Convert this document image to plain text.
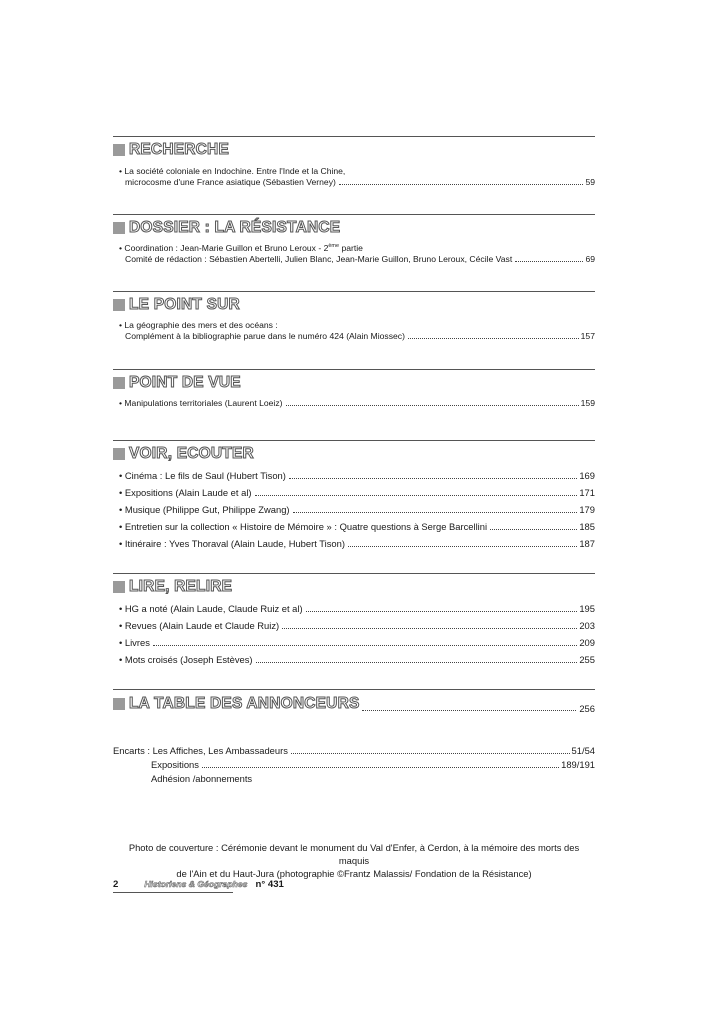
RECHERCHE
• La société coloniale en Indochine. Entre l'Inde et la Chine,
microcosme d'une France asiatique (Sébastien Verney)	59
DOSSIER : LA RÉSISTANCE
• Coordination : Jean-Marie Guillon et Bruno Leroux - 2ème partie
Comité de rédaction : Sébastien Abertelli, Julien Blanc, Jean-Marie Guillon, Bruno Leroux, Cécile Vast	69
LE POINT SUR
• La géographie des mers et des océans :
Complément à la bibliographie parue dans le numéro 424 (Alain Miossec)	157
POINT DE VUE
• Manipulations territoriales (Laurent Loeiz)	159
VOIR, ECOUTER
• Cinéma : Le fils de Saul (Hubert Tison)	169
• Expositions (Alain Laude et al)	171
• Musique (Philippe Gut, Philippe Zwang)	179
• Entretien sur la collection « Histoire de Mémoire » : Quatre questions à Serge Barcellini	185
• Itinéraire : Yves Thoraval (Alain Laude, Hubert Tison)	187
LIRE, RELIRE
• HG a noté (Alain Laude, Claude Ruiz et al)	195
• Revues (Alain Laude et Claude Ruiz)	203
• Livres	209
• Mots croisés (Joseph Estèves)	255
LA TABLE DES ANNONCEURS	256
Encarts : Les Affiches, Les Ambassadeurs	51/54
Expositions	189/191
Adhésion /abonnements
Photo de couverture : Cérémonie devant le monument du Val d'Enfer, à Cerdon, à la mémoire des morts des maquis
de l'Ain et du Haut-Jura (photographie ©Frantz Malassis/ Fondation de la Résistance)
2	Historiens & Géographes n° 431
